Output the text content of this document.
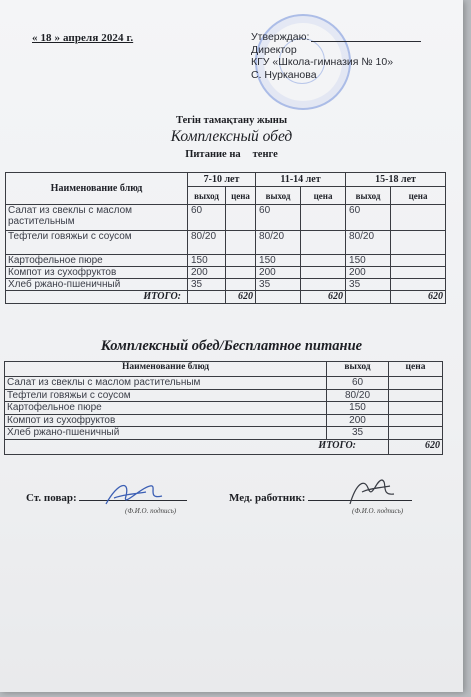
« 18 » апреля 2024 г.	Утверждаю:
Директор
КГУ «Школа-гимназия № 10»
С. Нурканова
Тегін тамақтану жыны
Комплексный обед
Питание на тенге
Наименование блюд	7-10 лет		11-14 лет		15-18 лет	
	выход	цена	выход	цена	выход	цена
Салат из свеклы с маслом растительным	60		60		60	
Тефтели говяжьи с соусом	80/20		80/20		80/20	
Картофельное пюре	150		150		150	
Компот из сухофруктов	200		200		200	
Хлеб ржано-пшеничный	35		35		35	
ИТОГО:		620		620		620
Комплексный обед/Бесплатное питание
Наименование блюд	выход	цена
Салат из свеклы с маслом растительным	60	
Тефтели говяжьи с соусом	80/20	
Картофельное пюре	150	
Компот из сухофруктов	200	
Хлеб ржано-пшеничный	35	
ИТОГО:		620
Ст. повар:
(Ф.И.О. подпись)
Мед. работник:
(Ф.И.О. подпись)
